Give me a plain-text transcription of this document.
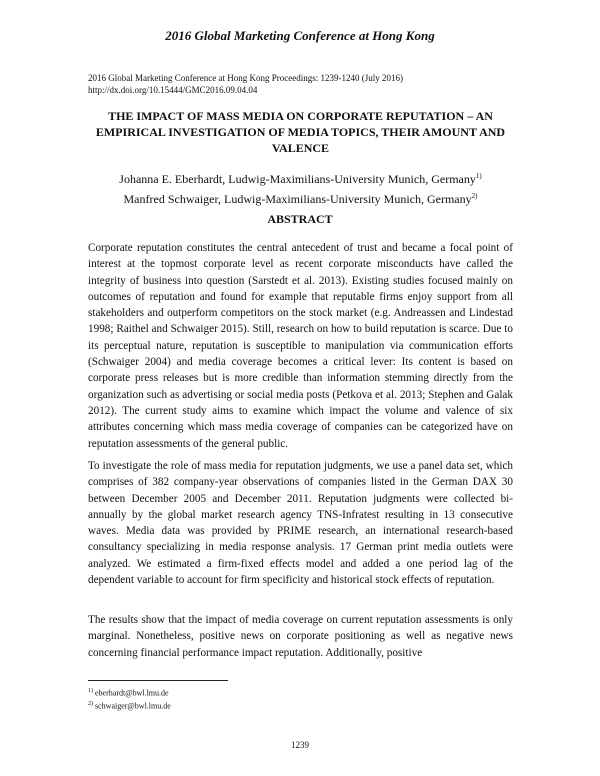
2016 Global Marketing Conference at Hong Kong
2016 Global Marketing Conference at Hong Kong Proceedings: 1239-1240 (July 2016)
http://dx.doi.org/10.15444/GMC2016.09.04.04
THE IMPACT OF MASS MEDIA ON CORPORATE REPUTATION – AN EMPIRICAL INVESTIGATION OF MEDIA TOPICS, THEIR AMOUNT AND VALENCE
Johanna E. Eberhardt, Ludwig-Maximilians-University Munich, Germany$^{1)}$
Manfred Schwaiger, Ludwig-Maximilians-University Munich, Germany$^{2)}$
ABSTRACT
Corporate reputation constitutes the central antecedent of trust and became a focal point of interest at the topmost corporate level as recent corporate misconducts have called the integrity of business into question (Sarstedt et al. 2013). Existing studies focused mainly on outcomes of reputation and found for example that reputable firms enjoy support from all stakeholders and outperform competitors on the stock market (e.g. Andreassen and Lindestad 1998; Raithel and Schwaiger 2015). Still, research on how to build reputation is scarce. Due to its perceptual nature, reputation is susceptible to manipulation via communication efforts (Schwaiger 2004) and media coverage becomes a critical lever: Its content is based on corporate press releases but is more credible than information stemming directly from the organization such as advertising or social media posts (Petkova et al. 2013; Stephen and Galak 2012). The current study aims to examine which impact the volume and valence of six attributes concerning which mass media coverage of companies can be categorized have on reputation assessments of the general public.
To investigate the role of mass media for reputation judgments, we use a panel data set, which comprises of 382 company-year observations of companies listed in the German DAX 30 between December 2005 and December 2011. Reputation judgments were collected bi-annually by the global market research agency TNS-Infratest resulting in 13 consecutive waves. Media data was provided by PRIME research, an international research-based consultancy specializing in media response analysis. 17 German print media outlets were analyzed. We estimated a firm-fixed effects model and added a one period lag of the dependent variable to account for firm specificity and historical stock effects of reputation.
The results show that the impact of media coverage on current reputation assessments is only marginal. Nonetheless, positive news on corporate positioning as well as negative news concerning financial performance impact reputation. Additionally, positive
$^{1)}$ eberhardt@bwl.lmu.de
$^{2)}$ schwaiger@bwl.lmu.de
1239
